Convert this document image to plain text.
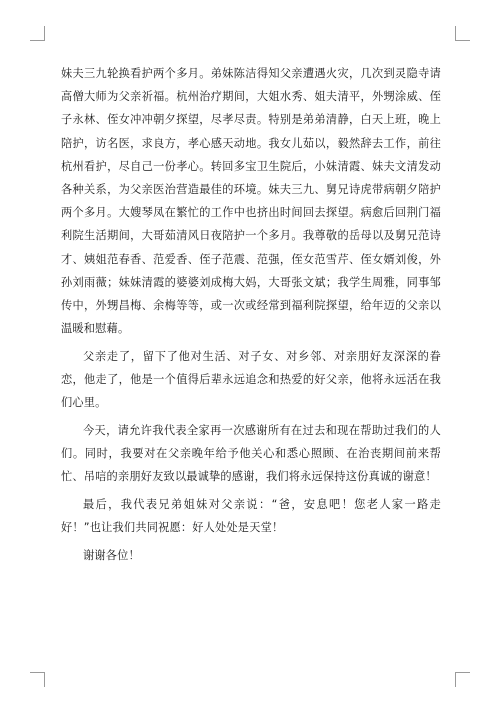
妹夫三九轮换看护两个多月。弟妹陈洁得知父亲遭遇火灾，几次到灵隐寺请高僧大师为父亲祈福。杭州治疗期间，大姐水秀、姐夫清平，外甥涂威、侄子永林、侄女冲冲朝夕探望，尽孝尽责。特别是弟弟清静，白天上班，晚上陪护，访名医，求良方，孝心感天动地。我女儿茹以，毅然辞去工作，前往杭州看护，尽自己一份孝心。转回多宝卫生院后，小妹清霞、妹夫文清发动各种关系，为父亲医治营造最佳的环境。妹夫三九、舅兄诗虎带病朝夕陪护两个多月。大嫂琴凤在繁忙的工作中也挤出时间回去探望。病愈后回荆门福利院生活期间，大哥茹清风日夜陪护一个多月。我尊敬的岳母以及舅兄范诗才、姨姐范春香、范爱香、侄子范震、范强，侄女范雪芹、侄女婿刘俊，外孙刘雨薇；妹妹清霞的婆婆刘成梅大妈，大哥张文斌；我学生周雅，同事邹传中，外甥昌梅、余梅等等，或一次或经常到福利院探望，给年迈的父亲以温暖和慰藉。

父亲走了，留下了他对生活、对子女、对乡邻、对亲朋好友深深的眷恋，他走了，他是一个值得后辈永远追念和热爱的好父亲，他将永远活在我们心里。

今天，请允许我代表全家再一次感谢所有在过去和现在帮助过我们的人们。同时，我要对在父亲晚年给予他关心和悉心照顾、在治丧期间前来帮忙、吊唁的亲朋好友致以最诚挚的感谢，我们将永远保持这份真诚的谢意！

最后，我代表兄弟姐妹对父亲说：“爸，安息吧！您老人家一路走好！”也让我们共同祝愿：好人处处是天堂！

谢谢各位！
